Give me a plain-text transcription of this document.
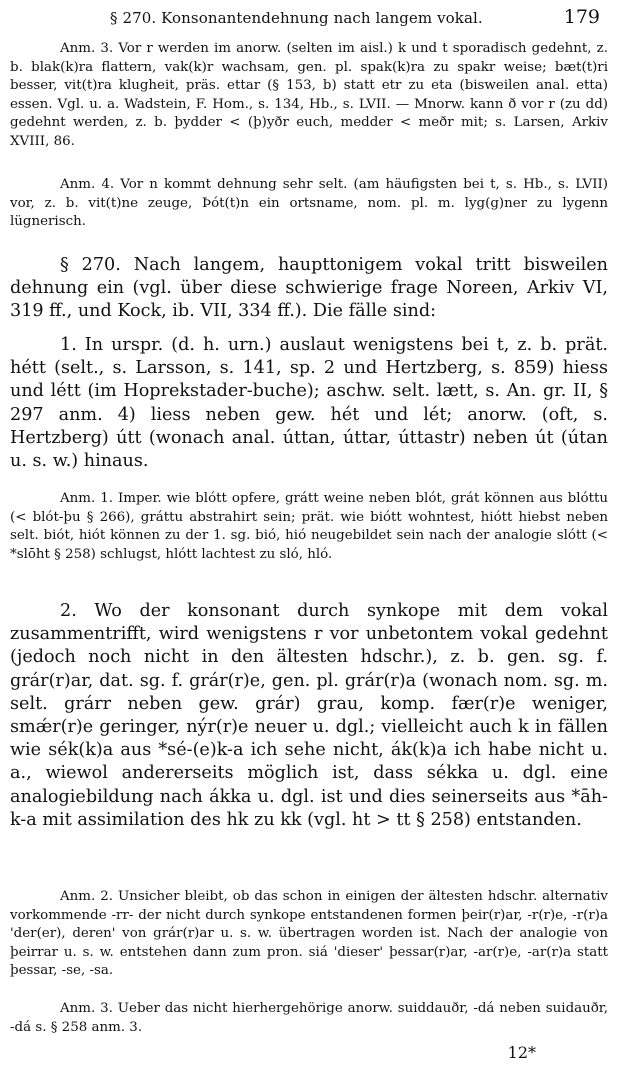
§ 270. Konsonantendehnung nach langem vokal.	179

Anm. 3. Vor r werden im anorw. (selten im aisl.) k und t sporadisch gedehnt, z. b. blak(k)ra flattern, vak(k)r wachsam, gen. pl. spak(k)ra zu spakr weise; bæt(t)ri besser, vit(t)ra klugheit, präs. ettar (§ 153, b) statt etr zu eta (bisweilen anal. etta) essen. Vgl. u. a. Wadstein, F. Hom., s. 134, Hb., s. LVII. — Mnorw. kann ð vor r (zu dd) gedehnt werden, z. b. þydder < (þ)yðr euch, medder < meðr mit; s. Larsen, Arkiv XVIII, 86.

Anm. 4. Vor n kommt dehnung sehr selt. (am häufigsten bei t, s. Hb., s. LVII) vor, z. b. vit(t)ne zeuge, Þót(t)n ein ortsname, nom. pl. m. lyg(g)ner zu lygenn lügnerisch.

§ 270. Nach langem, haupttonigem vokal tritt bisweilen dehnung ein (vgl. über diese schwierige frage Noreen, Arkiv VI, 319 ff., und Kock, ib. VII, 334 ff.). Die fälle sind:

1. In urspr. (d. h. urn.) auslaut wenigstens bei t, z. b. prät. hétt (selt., s. Larsson, s. 141, sp. 2 und Hertzberg, s. 859) hiess und létt (im Hoprekstader-buche); aschw. selt. lætt, s. An. gr. II, § 297 anm. 4) liess neben gew. hét und lét; anorw. (oft, s. Hertzberg) útt (wonach anal. úttan, úttar, úttastr) neben út (útan u. s. w.) hinaus.

Anm. 1. Imper. wie blótt opfere, grátt weine neben blót, grát können aus blóttu (< blót-þu § 266), gráttu abstrahirt sein; prät. wie biótt wohntest, hiótt hiebst neben selt. biót, hiót können zu der 1. sg. bió, hió neugebildet sein nach der analogie slótt (< *slōht § 258) schlugst, hlótt lachtest zu sló, hló.

2. Wo der konsonant durch synkope mit dem vokal zusammentrifft, wird wenigstens r vor unbetontem vokal gedehnt (jedoch noch nicht in den ältesten hdschr.), z. b. gen. sg. f. grár(r)ar, dat. sg. f. grár(r)e, gen. pl. grár(r)a (wonach nom. sg. m. selt. grárr neben gew. grár) grau, komp. fær(r)e weniger, smǽr(r)e geringer, nýr(r)e neuer u. dgl.; vielleicht auch k in fällen wie sék(k)a aus *sé-(e)k-a ich sehe nicht, ák(k)a ich habe nicht u. a., wiewol andererseits möglich ist, dass sékka u. dgl. eine analogiebildung nach ákka u. dgl. ist und dies seinerseits aus *āh-k-a mit assimilation des hk zu kk (vgl. ht > tt § 258) entstanden.

Anm. 2. Unsicher bleibt, ob das schon in einigen der ältesten hdschr. alternativ vorkommende -rr- der nicht durch synkope entstandenen formen þeir(r)ar, -r(r)e, -r(r)a 'der(er), deren' von grár(r)ar u. s. w. übertragen worden ist. Nach der analogie von þeirrar u. s. w. entstehen dann zum pron. siá 'dieser' þessar(r)ar, -ar(r)e, -ar(r)a statt þessar, -se, -sa.

Anm. 3. Ueber das nicht hierhergehörige anorw. suiddauðr, -dá neben suidauðr, -dá s. § 258 anm. 3.

12*
